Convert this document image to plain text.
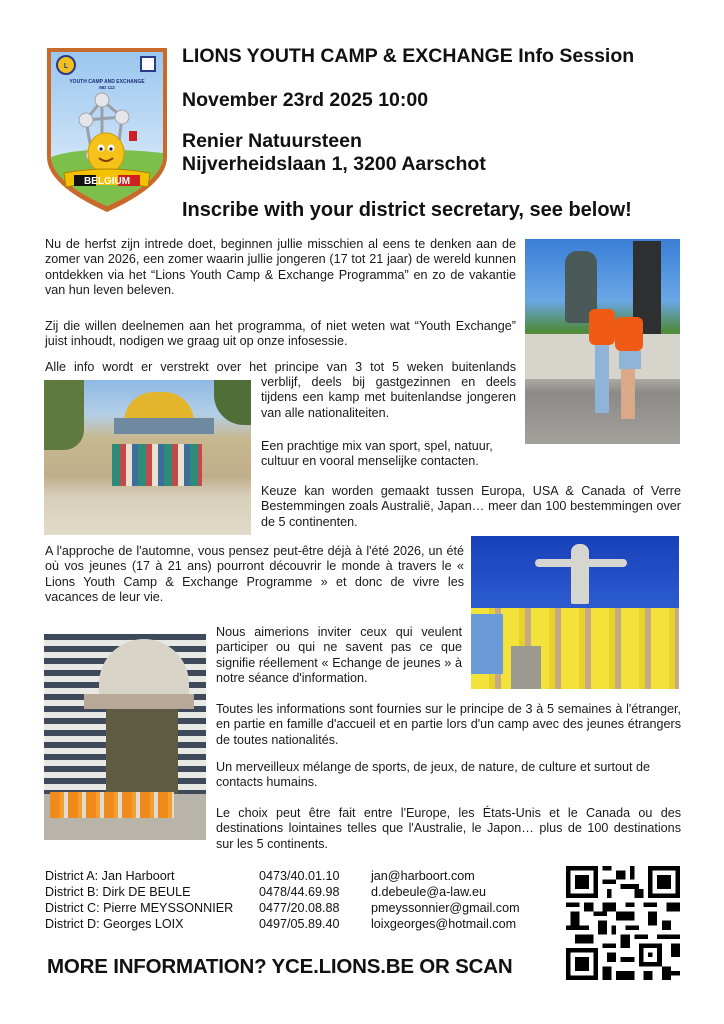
L
BELGIUM
YOUTH CAMP AND EXCHANGE
MD 112
LIONS YOUTH CAMP & EXCHANGE Info Session
November 23rd 2025 10:00
Renier Natuursteen
Nijverheidslaan 1, 3200 Aarschot
Inscribe with your district secretary, see below!
Nu de herfst zijn intrede doet, beginnen jullie misschien al eens te denken aan de zomer van 2026, een zomer waarin jullie jongeren (17 tot 21 jaar) de wereld kunnen ontdekken via het “Lions Youth Camp & Exchange Programma” en zo de vakantie van hun leven beleven.
Zij die willen deelnemen aan het programma, of niet weten wat “Youth Exchange” juist inhoudt, nodigen we graag uit op onze infosessie.
Alle info wordt er verstrekt over het principe van 3 tot 5 weken buitenlands
verblijf, deels bij gastgezinnen en deels tijdens een kamp met buitenlandse jongeren van alle nationaliteiten.
Een prachtige mix van sport, spel, natuur, cultuur en vooral menselijke contacten.
Keuze kan worden gemaakt tussen Europa, USA & Canada of Verre Bestemmingen zoals Australië, Japan… meer dan 100 bestemmingen over de 5 continenten.
A l'approche de l'automne, vous pensez peut-être déjà à l'été 2026, un été où vos jeunes (17 à 21 ans) pourront découvrir le monde à travers le « Lions Youth Camp & Exchange Programme » et donc de vivre les vacances de leur vie.
Nous aimerions inviter ceux qui veulent participer ou qui ne savent pas ce que signifie réellement « Echange de jeunes » à notre séance d'information.
Toutes les informations sont fournies sur le principe de 3 à 5 semaines à l'étranger, en partie en famille d'accueil et en partie lors d'un camp avec des jeunes étrangers de toutes nationalités.
Un merveilleux mélange de sports, de jeux, de nature, de culture et surtout de contacts humains.
Le choix peut être fait entre l'Europe, les États-Unis et le Canada ou des destinations lointaines telles que l'Australie, le Japon… plus de 100 destinations sur les 5 continents.
District A: Jan Harboort	0473/40.01.10	jan@harboort.com
District B: Dirk DE BEULE	0478/44.69.98	d.debeule@a-law.eu
District C: Pierre MEYSSONNIER	0477/20.08.88	pmeyssonnier@gmail.com
District D: Georges LOIX	0497/05.89.40	loixgeorges@hotmail.com
MORE INFORMATION? YCE.LIONS.BE OR SCAN
